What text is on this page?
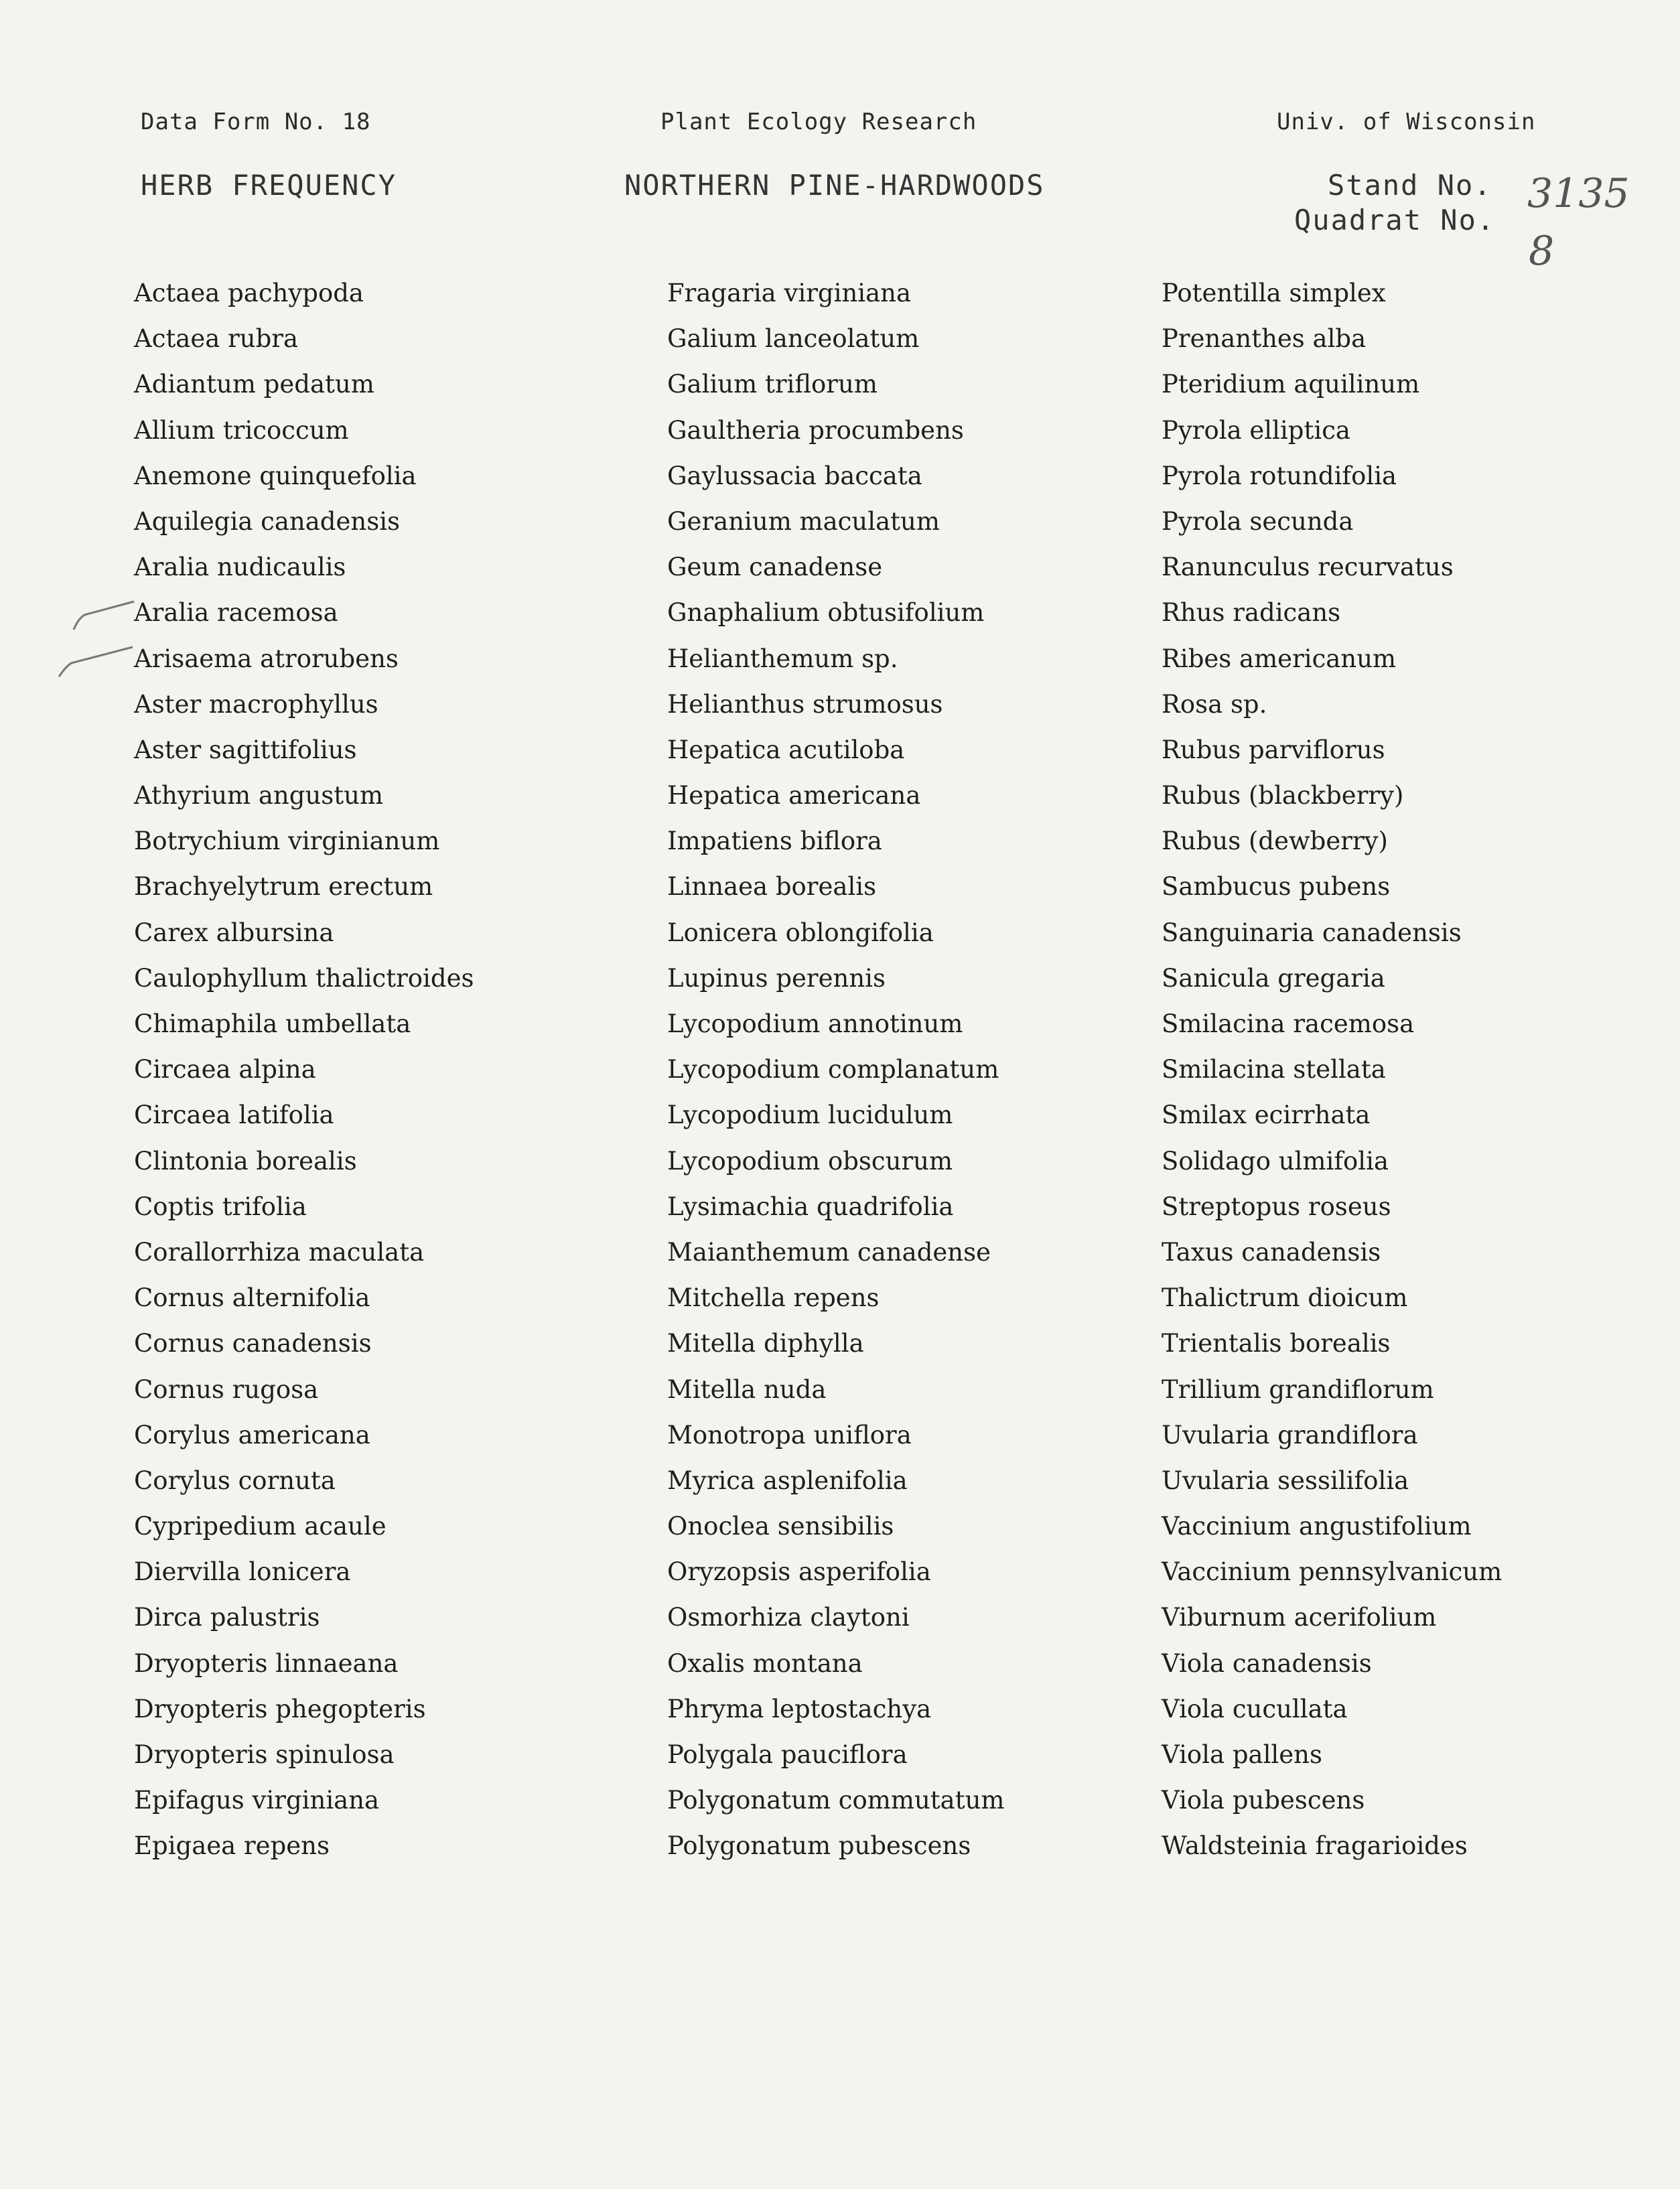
Data Form No. 18	Plant Ecology Research	Univ. of Wisconsin
HERB FREQUENCY	NORTHERN PINE-HARDWOODS	Stand No.
Quadrat No.
3135
8
Actaea pachypoda
Actaea rubra
Adiantum pedatum
Allium tricoccum
Anemone quinquefolia
Aquilegia canadensis
Aralia nudicaulis
Aralia racemosa
Arisaema atrorubens
Aster macrophyllus
Aster sagittifolius
Athyrium angustum
Botrychium virginianum
Brachyelytrum erectum
Carex albursina
Caulophyllum thalictroides
Chimaphila umbellata
Circaea alpina
Circaea latifolia
Clintonia borealis
Coptis trifolia
Corallorrhiza maculata
Cornus alternifolia
Cornus canadensis
Cornus rugosa
Corylus americana
Corylus cornuta
Cypripedium acaule
Diervilla lonicera
Dirca palustris
Dryopteris linnaeana
Dryopteris phegopteris
Dryopteris spinulosa
Epifagus virginiana
Epigaea repens
Fragaria virginiana
Galium lanceolatum
Galium triflorum
Gaultheria procumbens
Gaylussacia baccata
Geranium maculatum
Geum canadense
Gnaphalium obtusifolium
Helianthemum sp.
Helianthus strumosus
Hepatica acutiloba
Hepatica americana
Impatiens biflora
Linnaea borealis
Lonicera oblongifolia
Lupinus perennis
Lycopodium annotinum
Lycopodium complanatum
Lycopodium lucidulum
Lycopodium obscurum
Lysimachia quadrifolia
Maianthemum canadense
Mitchella repens
Mitella diphylla
Mitella nuda
Monotropa uniflora
Myrica asplenifolia
Onoclea sensibilis
Oryzopsis asperifolia
Osmorhiza claytoni
Oxalis montana
Phryma leptostachya
Polygala pauciflora
Polygonatum commutatum
Polygonatum pubescens
Potentilla simplex
Prenanthes alba
Pteridium aquilinum
Pyrola elliptica
Pyrola rotundifolia
Pyrola secunda
Ranunculus recurvatus
Rhus radicans
Ribes americanum
Rosa sp.
Rubus parviflorus
Rubus (blackberry)
Rubus (dewberry)
Sambucus pubens
Sanguinaria canadensis
Sanicula gregaria
Smilacina racemosa
Smilacina stellata
Smilax ecirrhata
Solidago ulmifolia
Streptopus roseus
Taxus canadensis
Thalictrum dioicum
Trientalis borealis
Trillium grandiflorum
Uvularia grandiflora
Uvularia sessilifolia
Vaccinium angustifolium
Vaccinium pennsylvanicum
Viburnum acerifolium
Viola canadensis
Viola cucullata
Viola pallens
Viola pubescens
Waldsteinia fragarioides
